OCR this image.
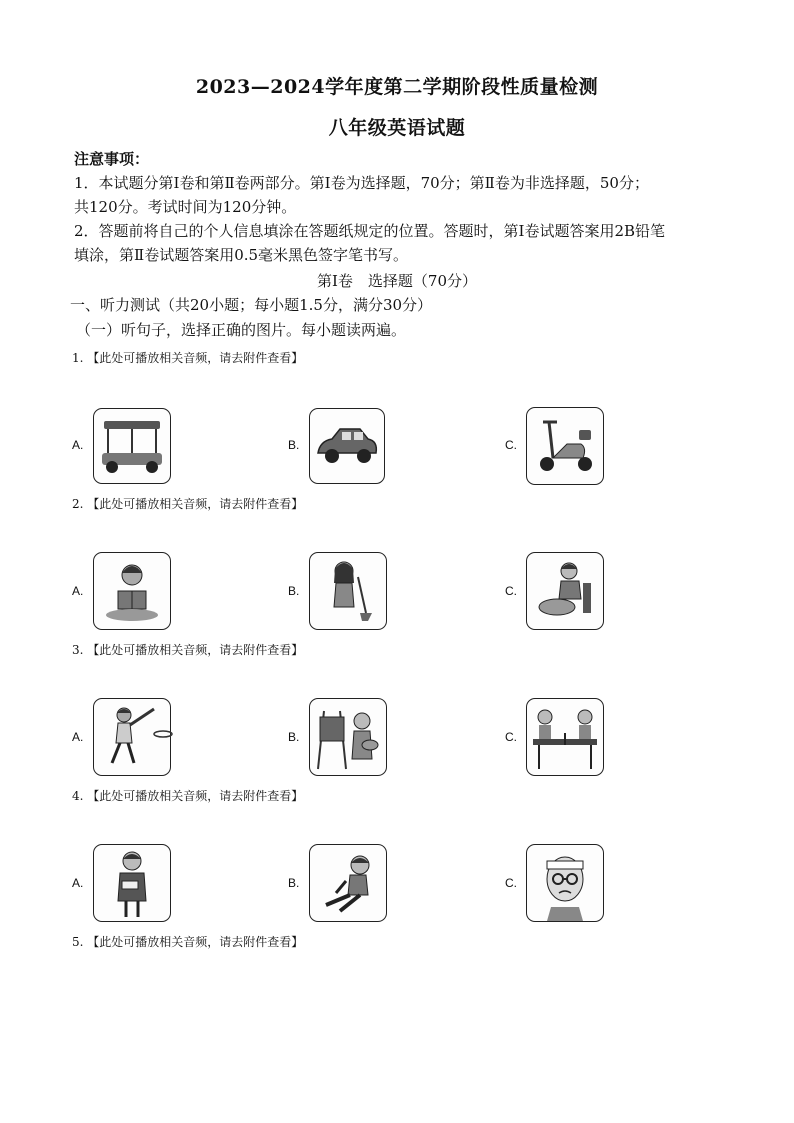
2023—2024学年度第二学期阶段性质量检测
八年级英语试题
注意事项：
1．本试题分第Ⅰ卷和第Ⅱ卷两部分。第Ⅰ卷为选择题，70分；第Ⅱ卷为非选择题，50分；
共120分。考试时间为120分钟。
2．答题前将自己的个人信息填涂在答题纸规定的位置。答题时，第Ⅰ卷试题答案用2B铅笔
填涂，第Ⅱ卷试题答案用0.5毫米黑色签字笔书写。
第Ⅰ卷　选择题（70分）
一、听力测试（共20小题；每小题1.5分，满分30分）
（一）听句子，选择正确的图片。每小题读两遍。
1. 【此处可播放相关音频，请去附件查看】
A.	B.	C.
2. 【此处可播放相关音频，请去附件查看】
A.	B.	C.
3. 【此处可播放相关音频，请去附件查看】
A.	B.	C.
4. 【此处可播放相关音频，请去附件查看】
A.	B.	C.
5. 【此处可播放相关音频，请去附件查看】
